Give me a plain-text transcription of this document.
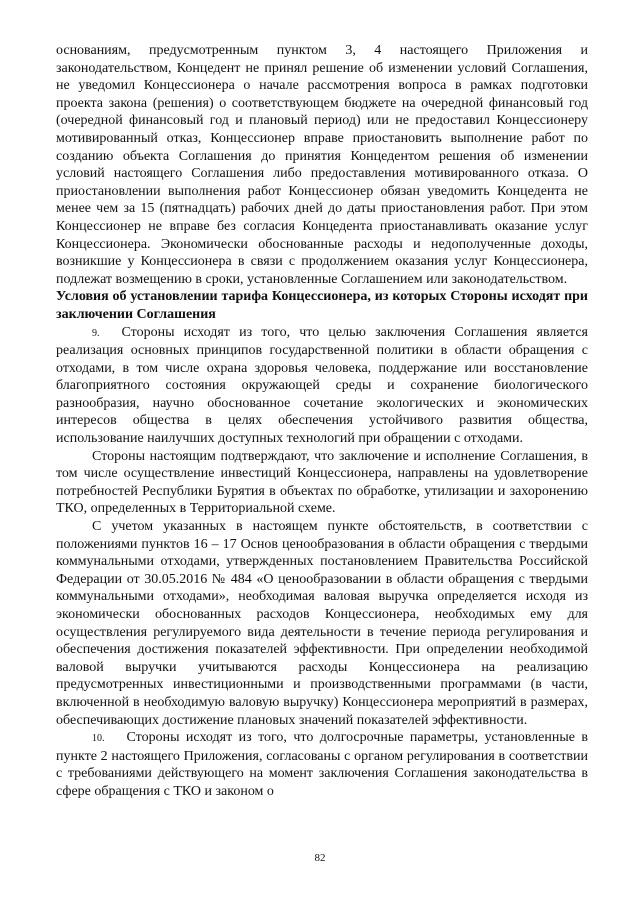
основаниям, предусмотренным пунктом 3, 4 настоящего Приложения и законодательством, Концедент не принял решение об изменении условий Соглашения, не уведомил Концессионера о начале рассмотрения вопроса в рамках подготовки проекта закона (решения) о соответствующем бюджете на очередной финансовый год (очередной финансовый год и плановый период) или не предоставил Концессионеру мотивированный отказ, Концессионер вправе приостановить выполнение работ по созданию объекта Соглашения до принятия Концедентом решения об изменении условий настоящего Соглашения либо предоставления мотивированного отказа. О приостановлении выполнения работ Концессионер обязан уведомить Концедента не менее чем за 15 (пятнадцать) рабочих дней до даты приостановления работ. При этом Концессионер не вправе без согласия Концедента приостанавливать оказание услуг Концессионера. Экономически обоснованные расходы и недополученные доходы, возникшие у Концессионера в связи с продолжением оказания услуг Концессионера, подлежат возмещению в сроки, установленные Соглашением или законодательством.

Условия об установлении тарифа Концессионера, из которых Стороны исходят при заключении Соглашения

9. Стороны исходят из того, что целью заключения Соглашения является реализация основных принципов государственной политики в области обращения с отходами, в том числе охрана здоровья человека, поддержание или восстановление благоприятного состояния окружающей среды и сохранение биологического разнообразия, научно обоснованное сочетание экологических и экономических интересов общества в целях обеспечения устойчивого развития общества, использование наилучших доступных технологий при обращении с отходами.

Стороны настоящим подтверждают, что заключение и исполнение Соглашения, в том числе осуществление инвестиций Концессионера, направлены на удовлетворение потребностей Республики Бурятия в объектах по обработке, утилизации и захоронению ТКО, определенных в Территориальной схеме.

С учетом указанных в настоящем пункте обстоятельств, в соответствии с положениями пунктов 16 – 17 Основ ценообразования в области обращения с твердыми коммунальными отходами, утвержденных постановлением Правительства Российской Федерации от 30.05.2016 № 484 «О ценообразовании в области обращения с твердыми коммунальными отходами», необходимая валовая выручка определяется исходя из экономически обоснованных расходов Концессионера, необходимых ему для осуществления регулируемого вида деятельности в течение периода регулирования и обеспечения достижения показателей эффективности. При определении необходимой валовой выручки учитываются расходы Концессионера на реализацию предусмотренных инвестиционными и производственными программами (в части, включенной в необходимую валовую выручку) Концессионера мероприятий в размерах, обеспечивающих достижение плановых значений показателей эффективности.

10. Стороны исходят из того, что долгосрочные параметры, установленные в пункте 2 настоящего Приложения, согласованы с органом регулирования в соответствии с требованиями действующего на момент заключения Соглашения законодательства в сфере обращения с ТКО и законом о

82
